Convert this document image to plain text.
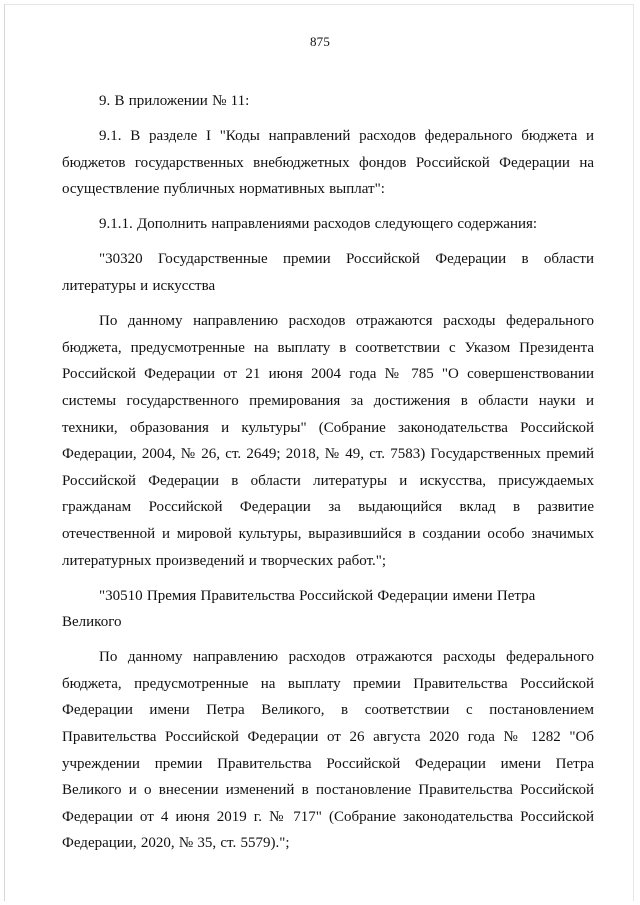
875

9. В приложении № 11:

9.1. В разделе I "Коды направлений расходов федерального бюджета и бюджетов государственных внебюджетных фондов Российской Федерации на осуществление публичных нормативных выплат":

9.1.1. Дополнить направлениями расходов следующего содержания:

"30320 Государственные премии Российской Федерации в области литературы и искусства

По данному направлению расходов отражаются расходы федерального бюджета, предусмотренные на выплату в соответствии с Указом Президента Российской Федерации от 21 июня 2004 года № 785 "О совершенствовании системы государственного премирования за достижения в области науки и техники, образования и культуры" (Собрание законодательства Российской Федерации, 2004, № 26, ст. 2649; 2018, № 49, ст. 7583) Государственных премий Российской Федерации в области литературы и искусства, присуждаемых гражданам Российской Федерации за выдающийся вклад в развитие отечественной и мировой культуры, выразившийся в создании особо значимых литературных произведений и творческих работ.";

"30510 Премия Правительства Российской Федерации имени Петра Великого

По данному направлению расходов отражаются расходы федерального бюджета, предусмотренные на выплату премии Правительства Российской Федерации имени Петра Великого, в соответствии с постановлением Правительства Российской Федерации от 26 августа 2020 года № 1282 "Об учреждении премии Правительства Российской Федерации имени Петра Великого и о внесении изменений в постановление Правительства Российской Федерации от 4 июня 2019 г. № 717" (Собрание законодательства Российской Федерации, 2020, № 35, ст. 5579).";
